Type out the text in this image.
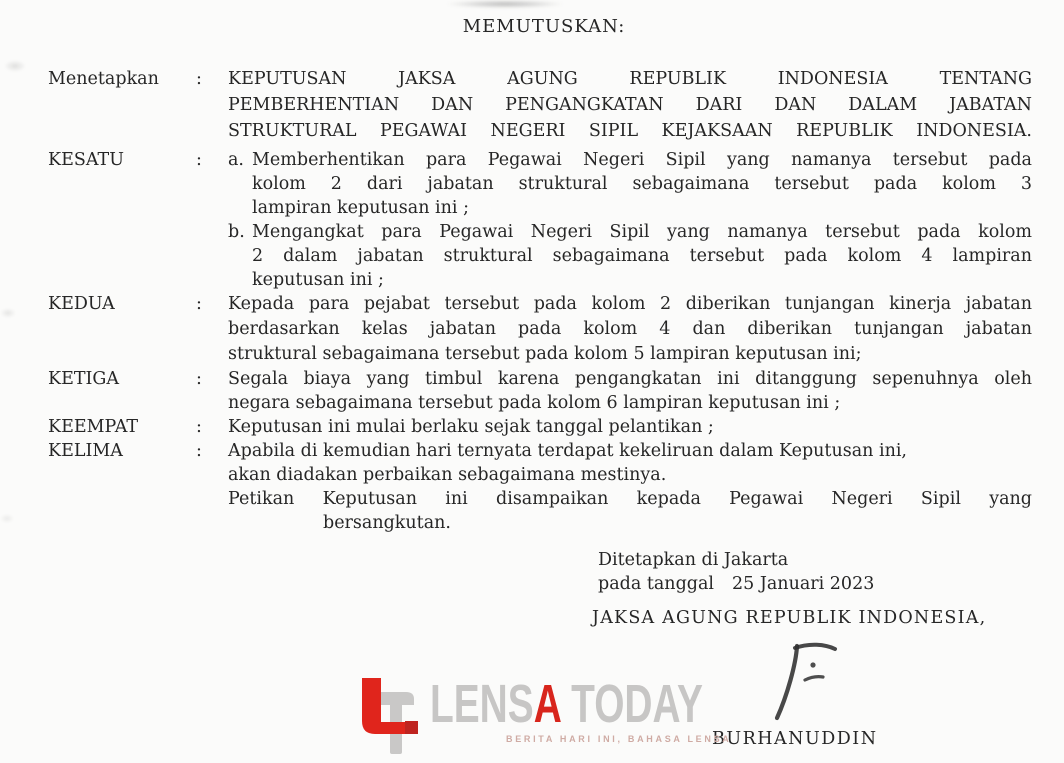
MEMUTUSKAN:
Menetapkan	:	KEPUTUSAN JAKSA AGUNG REPUBLIK INDONESIA TENTANG
PEMBERHENTIAN DAN PENGANGKATAN DARI DAN DALAM JABATAN
STRUKTURAL PEGAWAI NEGERI SIPIL KEJAKSAAN REPUBLIK INDONESIA.
KESATU	:	a. Memberhentikan para Pegawai Negeri Sipil yang namanya tersebut pada
kolom 2 dari jabatan struktural sebagaimana tersebut pada kolom 3
lampiran keputusan ini ;
b. Mengangkat para Pegawai Negeri Sipil yang namanya tersebut pada kolom
2 dalam jabatan struktural sebagaimana tersebut pada kolom 4 lampiran
keputusan ini ;
KEDUA	:	Kepada para pejabat tersebut pada kolom 2 diberikan tunjangan kinerja jabatan
berdasarkan kelas jabatan pada kolom 4 dan diberikan tunjangan jabatan
struktural sebagaimana tersebut pada kolom 5 lampiran keputusan ini;
KETIGA	:	Segala biaya yang timbul karena pengangkatan ini ditanggung sepenuhnya oleh
negara sebagaimana tersebut pada kolom 6 lampiran keputusan ini ;
KEEMPAT	:	Keputusan ini mulai berlaku sejak tanggal pelantikan ;
KELIMA	:	Apabila di kemudian hari ternyata terdapat kekeliruan dalam Keputusan ini,
akan diadakan perbaikan sebagaimana mestinya.
Petikan Keputusan ini disampaikan kepada Pegawai Negeri Sipil yang
bersangkutan.
Ditetapkan di Jakarta
pada tanggal 25 Januari 2023
JAKSA AGUNG REPUBLIK INDONESIA,
BURHANUDDIN
LENSA TODAY
BERITA HARI INI, BAHASA LENSA
